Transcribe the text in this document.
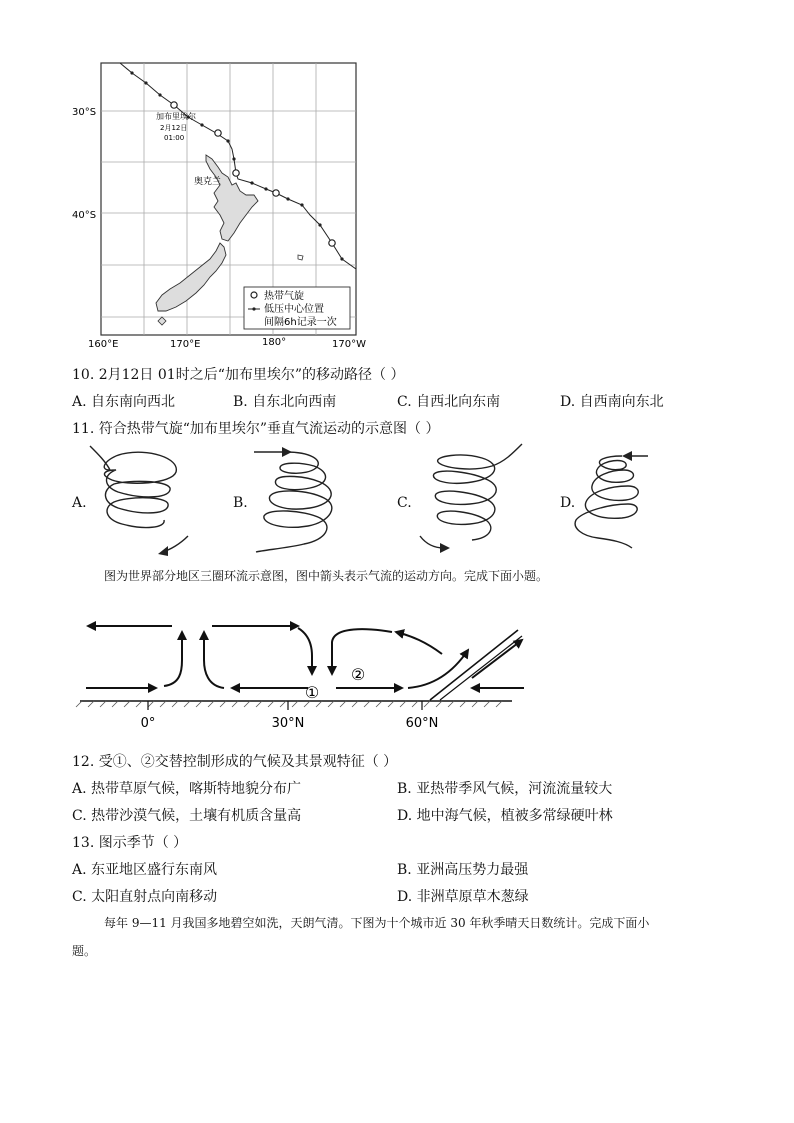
热带气旋
低压中心位置
间隔6h记录一次
加布里埃尔
2月12日
01:00
奥克兰
30°S
40°S
160°E	170°E	180°	170°W
10. 2月12日 01时之后“加布里埃尔”的移动路径（ ）
A. 自东南向西北	B. 自东北向西南	C. 自西北向东南	D. 自西南向东北
11. 符合热带气旋“加布里埃尔”垂直气流运动的示意图（ ）
A.	B.	C.	D.
图为世界部分地区三圈环流示意图，图中箭头表示气流的运动方向。完成下面小题。
①
②
0°	30°N	60°N
12. 受①、②交替控制形成的气候及其景观特征（ ）
A. 热带草原气候，喀斯特地貌分布广	B. 亚热带季风气候，河流流量较大
C. 热带沙漠气候，土壤有机质含量高	D. 地中海气候，植被多常绿硬叶林
13. 图示季节（ ）
A. 东亚地区盛行东南风	B. 亚洲高压势力最强
C. 太阳直射点向南移动	D. 非洲草原草木葱绿
每年 9—11 月我国多地碧空如洗，天朗气清。下图为十个城市近 30 年秋季晴天日数统计。完成下面小
题。
